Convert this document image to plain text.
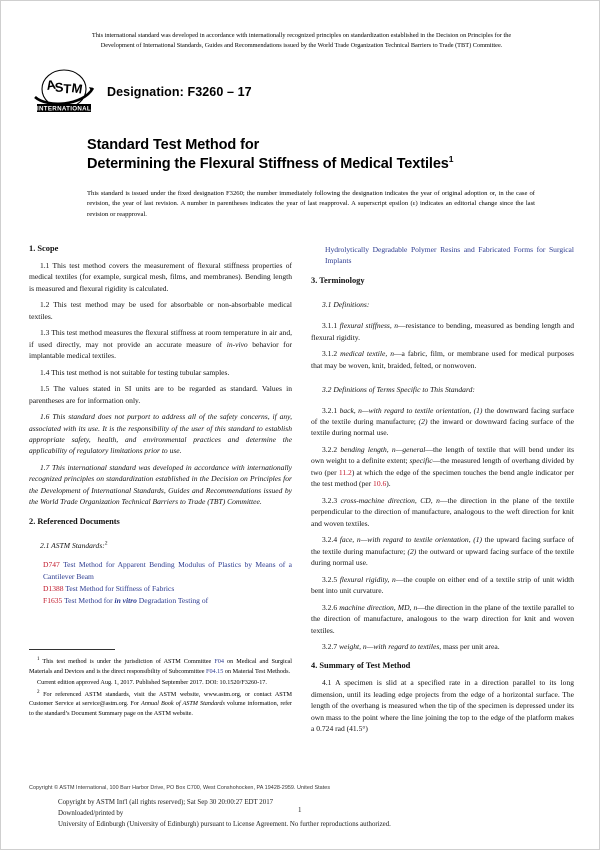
This international standard was developed in accordance with internationally recognized principles on standardization established in the Decision on Principles for the
Development of International Standards, Guides and Recommendations issued by the World Trade Organization Technical Barriers to Trade (TBT) Committee.
A
S T
M
INTERNATIONAL
Designation: F3260 – 17
Standard Test Method for
Determining the Flexural Stiffness of Medical Textiles$^1$
This standard is issued under the fixed designation F3260; the number immediately following the designation indicates the year of original adoption or, in the case of revision, the year of last revision. A number in parentheses indicates the year of last reapproval. A superscript epsilon (ε) indicates an editorial change since the last revision or reapproval.
1. Scope

1.1 This test method covers the measurement of flexural stiffness properties of medical textiles (for example, surgical mesh, films, and membranes). Bending length is measured and flexural rigidity is calculated.

1.2 This test method may be used for absorbable or non-absorbable medical textiles.

1.3 This test method measures the flexural stiffness at room temperature in air and, if used directly, may not provide an accurate measure of in-vivo behavior for implantable medical textiles.

1.4 This test method is not suitable for testing tubular samples.

1.5 The values stated in SI units are to be regarded as standard. Values in parentheses are for information only.

1.6 This standard does not purport to address all of the safety concerns, if any, associated with its use. It is the responsibility of the user of this standard to establish appropriate safety, health, and environmental practices and determine the applicability of regulatory limitations prior to use.

1.7 This international standard was developed in accordance with internationally recognized principles on standardization established in the Decision on Principles for the Development of International Standards, Guides and Recommendations issued by the World Trade Organization Technical Barriers to Trade (TBT) Committee.

2. Referenced Documents

2.1 ASTM Standards:$^2$

D747 Test Method for Apparent Bending Modulus of Plastics by Means of a Cantilever Beam
D1388 Test Method for Stiffness of Fabrics
F1635 Test Method for in vitro Degradation Testing of
Hydrolytically Degradable Polymer Resins and Fabricated Forms for Surgical Implants
3. Terminology

3.1 Definitions:

3.1.1 flexural stiffness, n—resistance to bending, measured as bending length and flexural rigidity.

3.1.2 medical textile, n—a fabric, film, or membrane used for medical purposes that may be woven, knit, braided, felted, or nonwoven.

3.2 Definitions of Terms Specific to This Standard:

3.2.1 back, n—with regard to textile orientation, (1) the downward facing surface of the textile during manufacture; (2) the inward or downward facing surface of the textile during normal use.

3.2.2 bending length, n—general—the length of textile that will bend under its own weight to a definite extent; specific—the measured length of overhang divided by two (per 11.2) at which the edge of the specimen touches the bend angle indicator per the test method (per 10.6).

3.2.3 cross-machine direction, CD, n—the direction in the plane of the textile perpendicular to the direction of manufacture, analogous to the weft direction for knit and woven textiles.

3.2.4 face, n—with regard to textile orientation, (1) the upward facing surface of the textile during manufacture; (2) the outward or upward facing surface of the textile during normal use.

3.2.5 flexural rigidity, n—the couple on either end of a textile strip of unit width bent into unit curvature.

3.2.6 machine direction, MD, n—the direction in the plane of the textile parallel to the direction of manufacture, analogous to the warp direction for knit and woven textiles.

3.2.7 weight, n—with regard to textiles, mass per unit area.

4. Summary of Test Method

4.1 A specimen is slid at a specified rate in a direction parallel to its long dimension, until its leading edge projects from the edge of a horizontal surface. The length of the overhang is measured when the tip of the specimen is depressed under its own mass to the point where the line joining the top to the edge of the platform makes a 0.724 rad (41.5°)

$^1$ This test method is under the jurisdiction of ASTM Committee F04 on Medical and Surgical Materials and Devices and is the direct responsibility of Subcommittee F04.15 on Material Test Methods.

Current edition approved Aug. 1, 2017. Published September 2017. DOI: 10.1520/F3260-17.

$^2$ For referenced ASTM standards, visit the ASTM website, www.astm.org, or contact ASTM Customer Service at service@astm.org. For Annual Book of ASTM Standards volume information, refer to the standard’s Document Summary page on the ASTM website.

Copyright © ASTM International, 100 Barr Harbor Drive, PO Box C700, West Conshohocken, PA 19428-2959. United States
Copyright by ASTM Int'l (all rights reserved); Sat Sep 30 20:00:27 EDT 2017
Downloaded/printed by
University of Edinburgh (University of Edinburgh) pursuant to License Agreement. No further reproductions authorized.
1
